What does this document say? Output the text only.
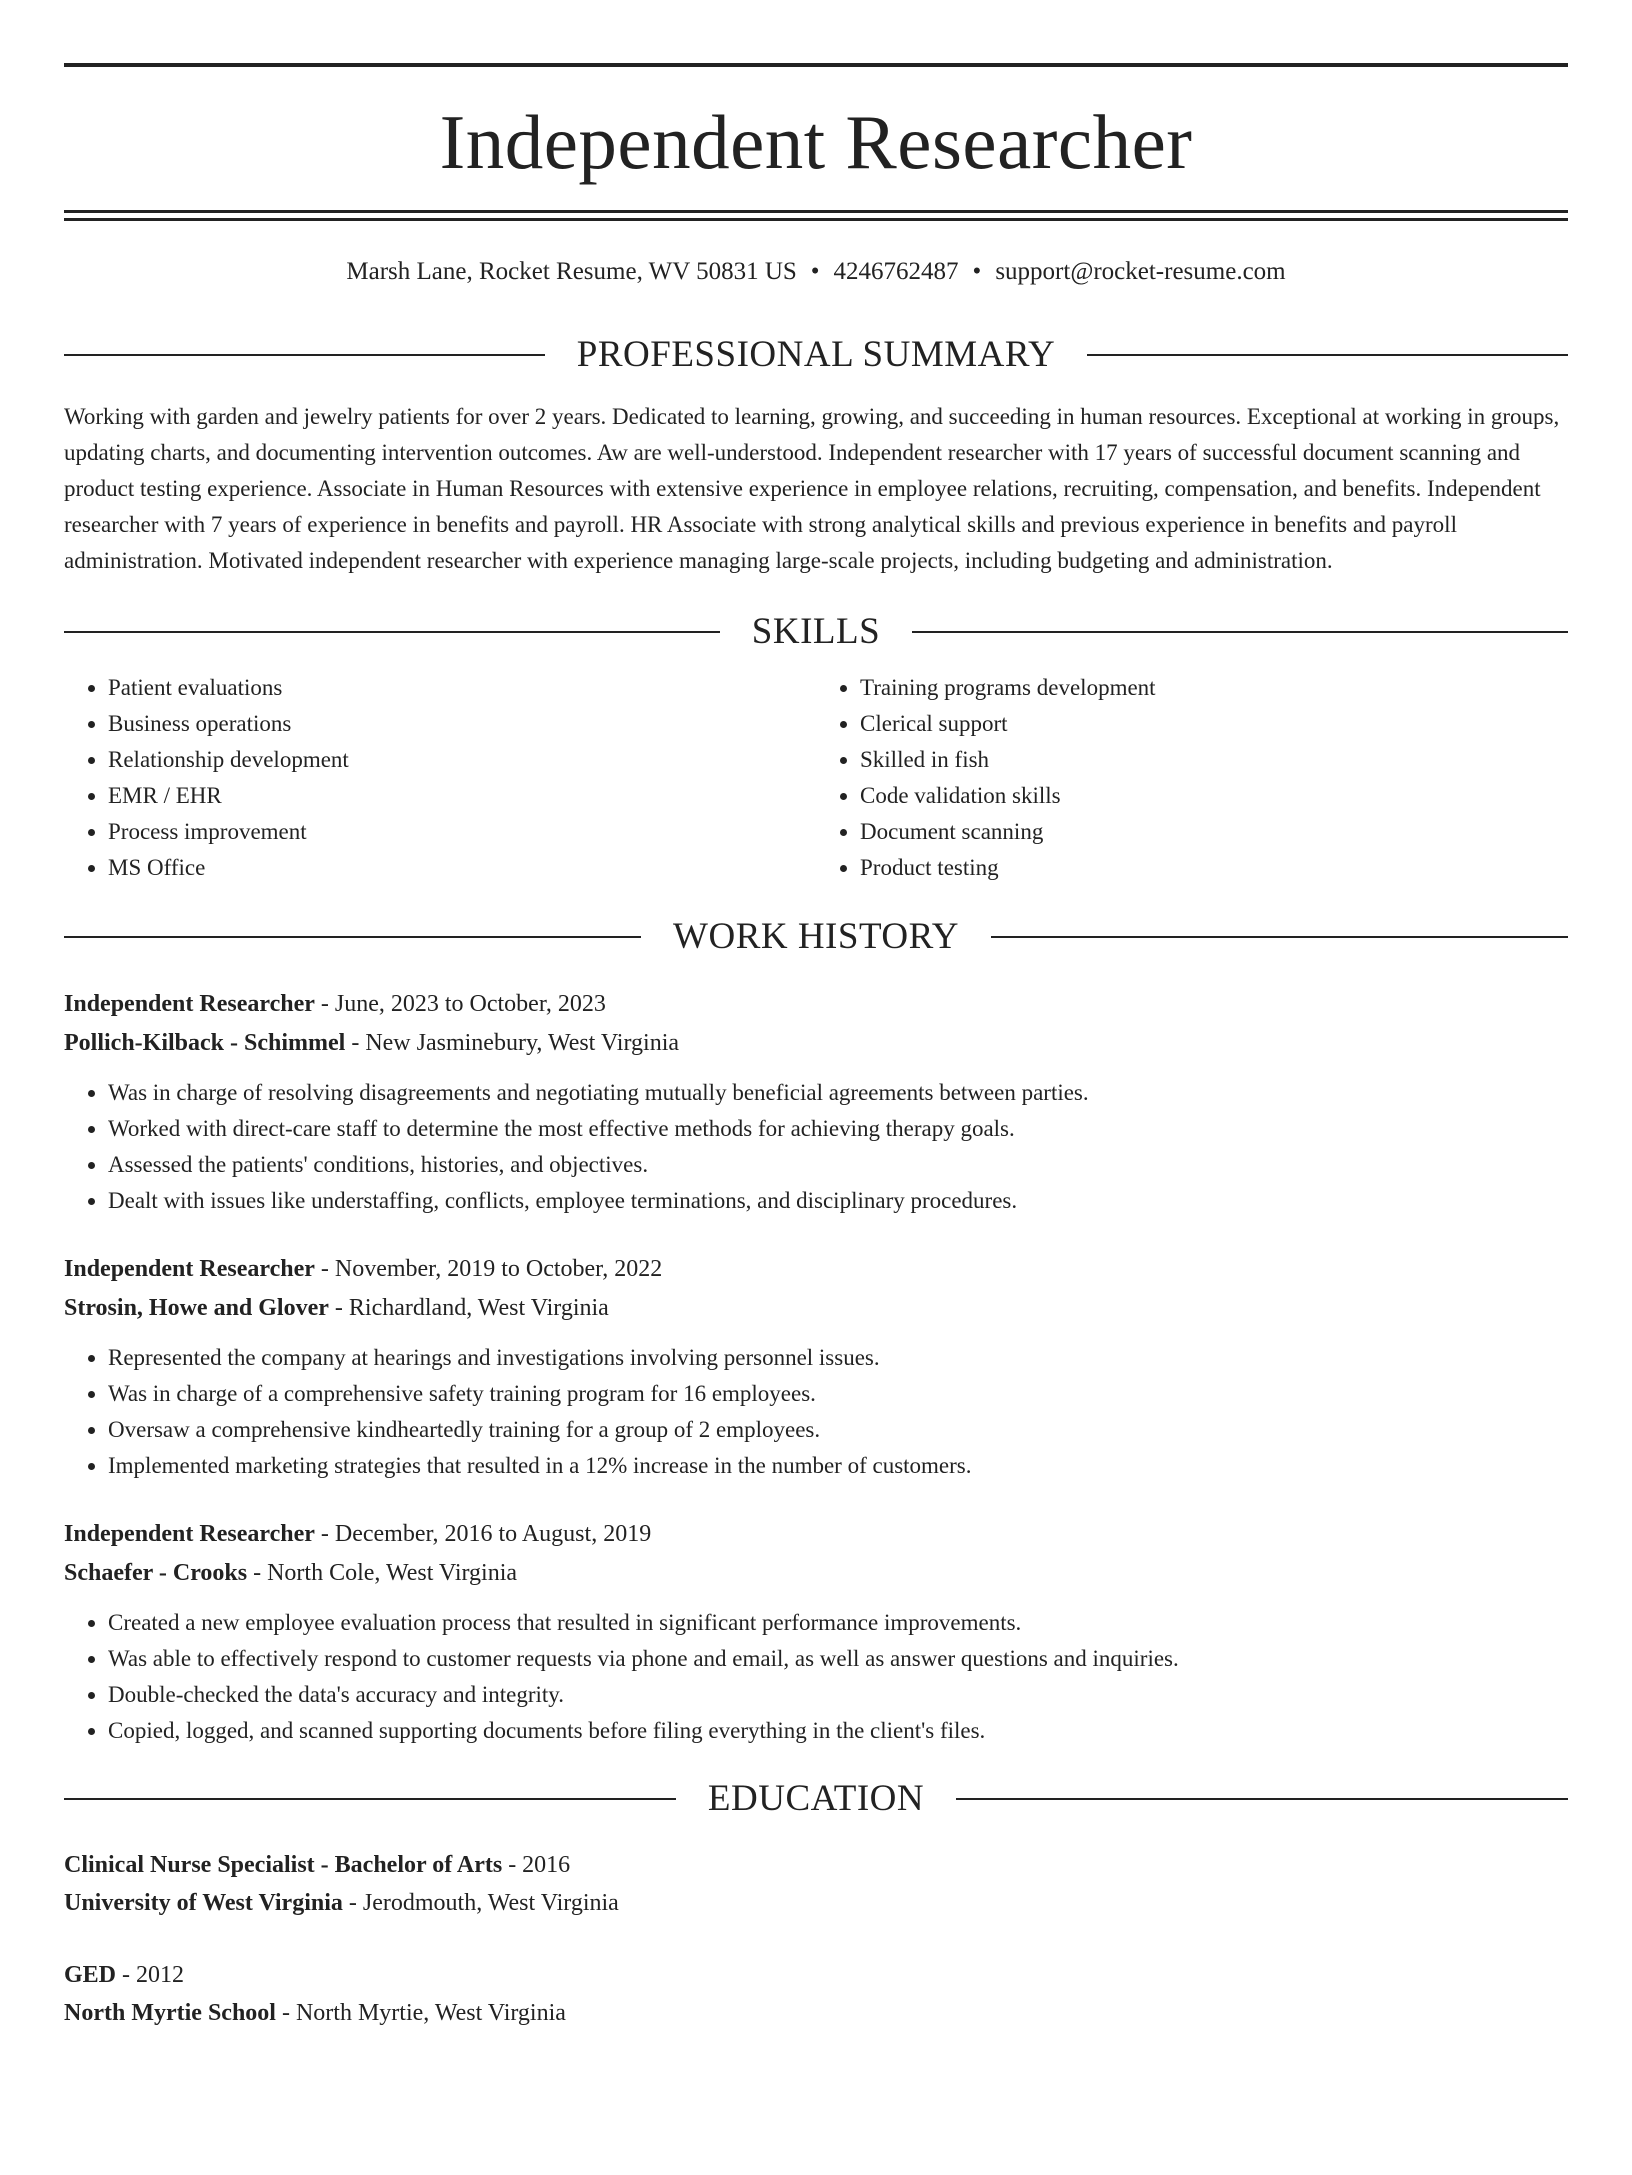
Independent Researcher
Marsh Lane, Rocket Resume, WV 50831 US • 4246762487 • support@rocket-resume.com
PROFESSIONAL SUMMARY
Working with garden and jewelry patients for over 2 years. Dedicated to learning, growing, and succeeding in human resources. Exceptional at working in groups, updating charts, and documenting intervention outcomes. Aw are well-understood. Independent researcher with 17 years of successful document scanning and product testing experience. Associate in Human Resources with extensive experience in employee relations, recruiting, compensation, and benefits. Independent researcher with 7 years of experience in benefits and payroll. HR Associate with strong analytical skills and previous experience in benefits and payroll administration. Motivated independent researcher with experience managing large-scale projects, including budgeting and administration.
SKILLS
• Patient evaluations
• Business operations
• Relationship development
• EMR / EHR
• Process improvement
• MS Office
• Training programs development
• Clerical support
• Skilled in fish
• Code validation skills
• Document scanning
• Product testing
WORK HISTORY
Independent Researcher - June, 2023 to October, 2023
Pollich-Kilback - Schimmel - New Jasminebury, West Virginia
• Was in charge of resolving disagreements and negotiating mutually beneficial agreements between parties.
• Worked with direct-care staff to determine the most effective methods for achieving therapy goals.
• Assessed the patients' conditions, histories, and objectives.
• Dealt with issues like understaffing, conflicts, employee terminations, and disciplinary procedures.
Independent Researcher - November, 2019 to October, 2022
Strosin, Howe and Glover - Richardland, West Virginia
• Represented the company at hearings and investigations involving personnel issues.
• Was in charge of a comprehensive safety training program for 16 employees.
• Oversaw a comprehensive kindheartedly training for a group of 2 employees.
• Implemented marketing strategies that resulted in a 12% increase in the number of customers.
Independent Researcher - December, 2016 to August, 2019
Schaefer - Crooks - North Cole, West Virginia
• Created a new employee evaluation process that resulted in significant performance improvements.
• Was able to effectively respond to customer requests via phone and email, as well as answer questions and inquiries.
• Double-checked the data's accuracy and integrity.
• Copied, logged, and scanned supporting documents before filing everything in the client's files.
EDUCATION
Clinical Nurse Specialist - Bachelor of Arts - 2016
University of West Virginia - Jerodmouth, West Virginia
GED - 2012
North Myrtie School - North Myrtie, West Virginia
